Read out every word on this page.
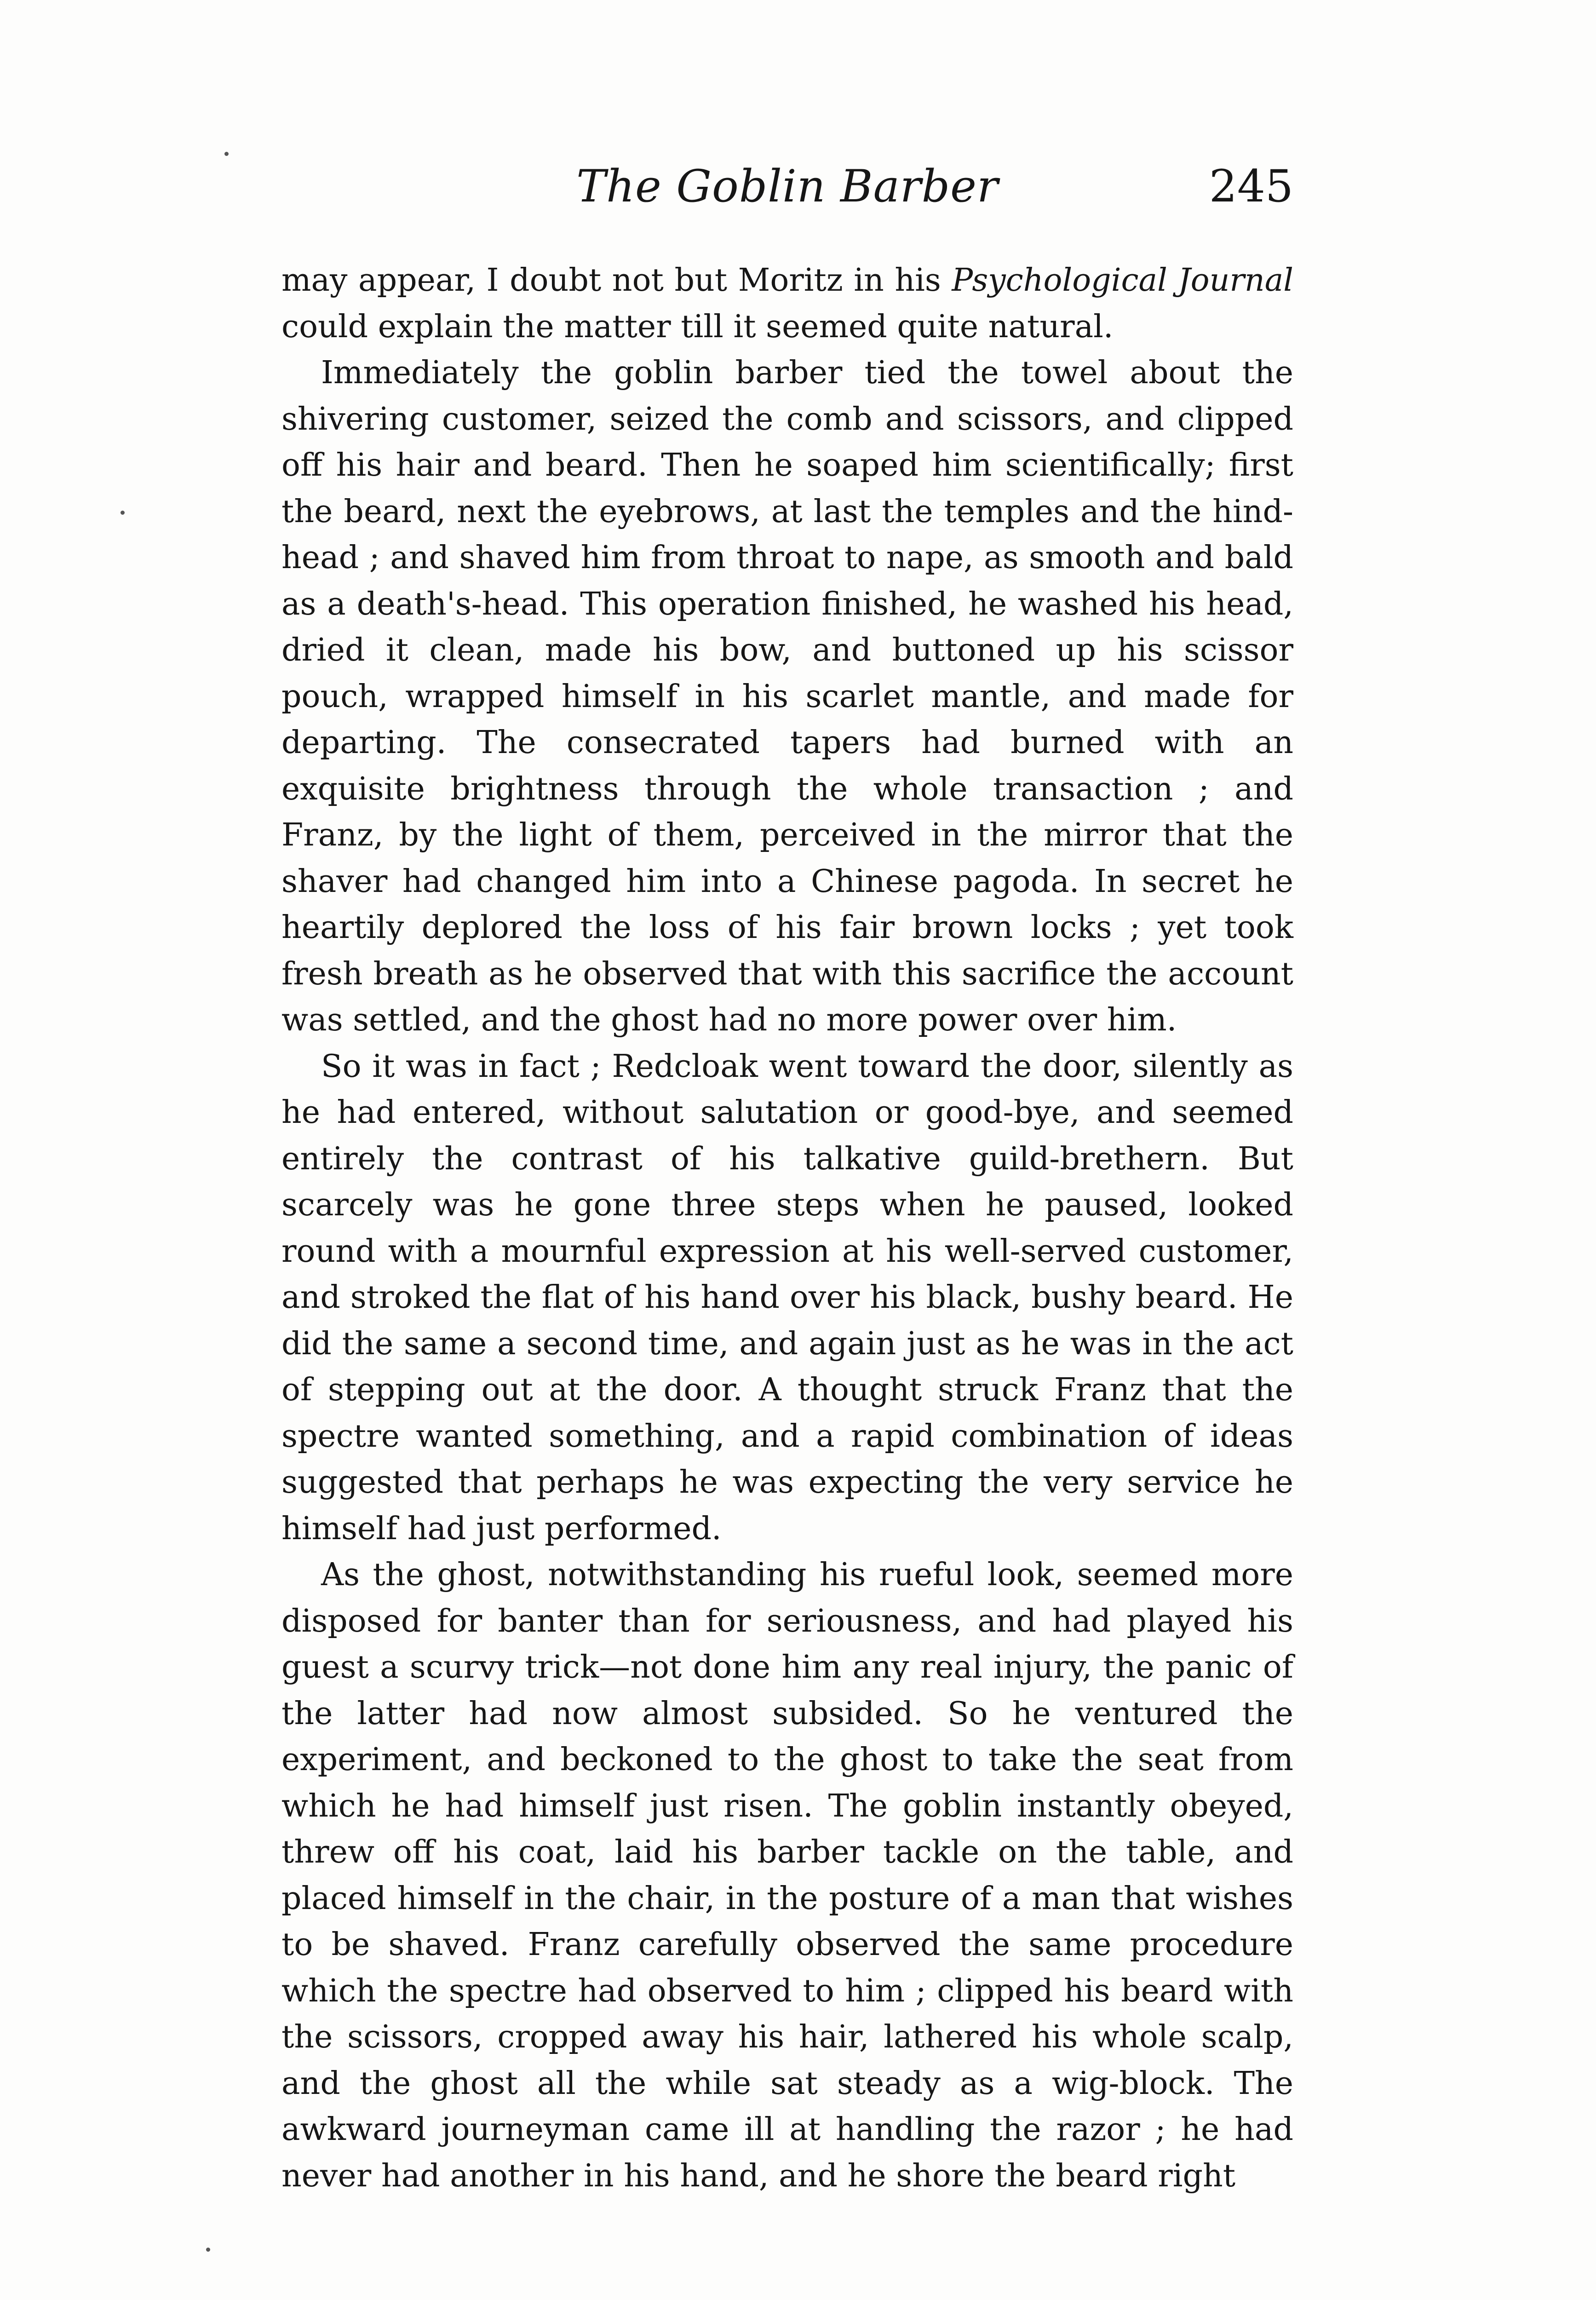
The Goblin Barber	245

may appear, I doubt not but Moritz in his Psychological Journal could explain the matter till it seemed quite natural.

Immediately the goblin barber tied the towel about the shivering customer, seized the comb and scissors, and clipped off his hair and beard. Then he soaped him scientifically; first the beard, next the eyebrows, at last the temples and the hind-head ; and shaved him from throat to nape, as smooth and bald as a death's-head. This operation finished, he washed his head, dried it clean, made his bow, and buttoned up his scissor pouch, wrapped himself in his scarlet mantle, and made for departing. The consecrated tapers had burned with an exquisite brightness through the whole transaction ; and Franz, by the light of them, perceived in the mirror that the shaver had changed him into a Chinese pagoda. In secret he heartily deplored the loss of his fair brown locks ; yet took fresh breath as he observed that with this sacrifice the account was settled, and the ghost had no more power over him.

So it was in fact ; Redcloak went toward the door, silently as he had entered, without salutation or good-bye, and seemed entirely the contrast of his talkative guild-brethern. But scarcely was he gone three steps when he paused, looked round with a mournful expression at his well-served customer, and stroked the flat of his hand over his black, bushy beard. He did the same a second time, and again just as he was in the act of stepping out at the door. A thought struck Franz that the spectre wanted something, and a rapid combination of ideas suggested that perhaps he was expecting the very service he himself had just performed.

As the ghost, notwithstanding his rueful look, seemed more disposed for banter than for seriousness, and had played his guest a scurvy trick—not done him any real injury, the panic of the latter had now almost subsided. So he ventured the experiment, and beckoned to the ghost to take the seat from which he had himself just risen. The goblin instantly obeyed, threw off his coat, laid his barber tackle on the table, and placed himself in the chair, in the posture of a man that wishes to be shaved. Franz carefully observed the same procedure which the spectre had observed to him ; clipped his beard with the scissors, cropped away his hair, lathered his whole scalp, and the ghost all the while sat steady as a wig-block. The awkward journeyman came ill at handling the razor ; he had never had another in his hand, and he shore the beard right
